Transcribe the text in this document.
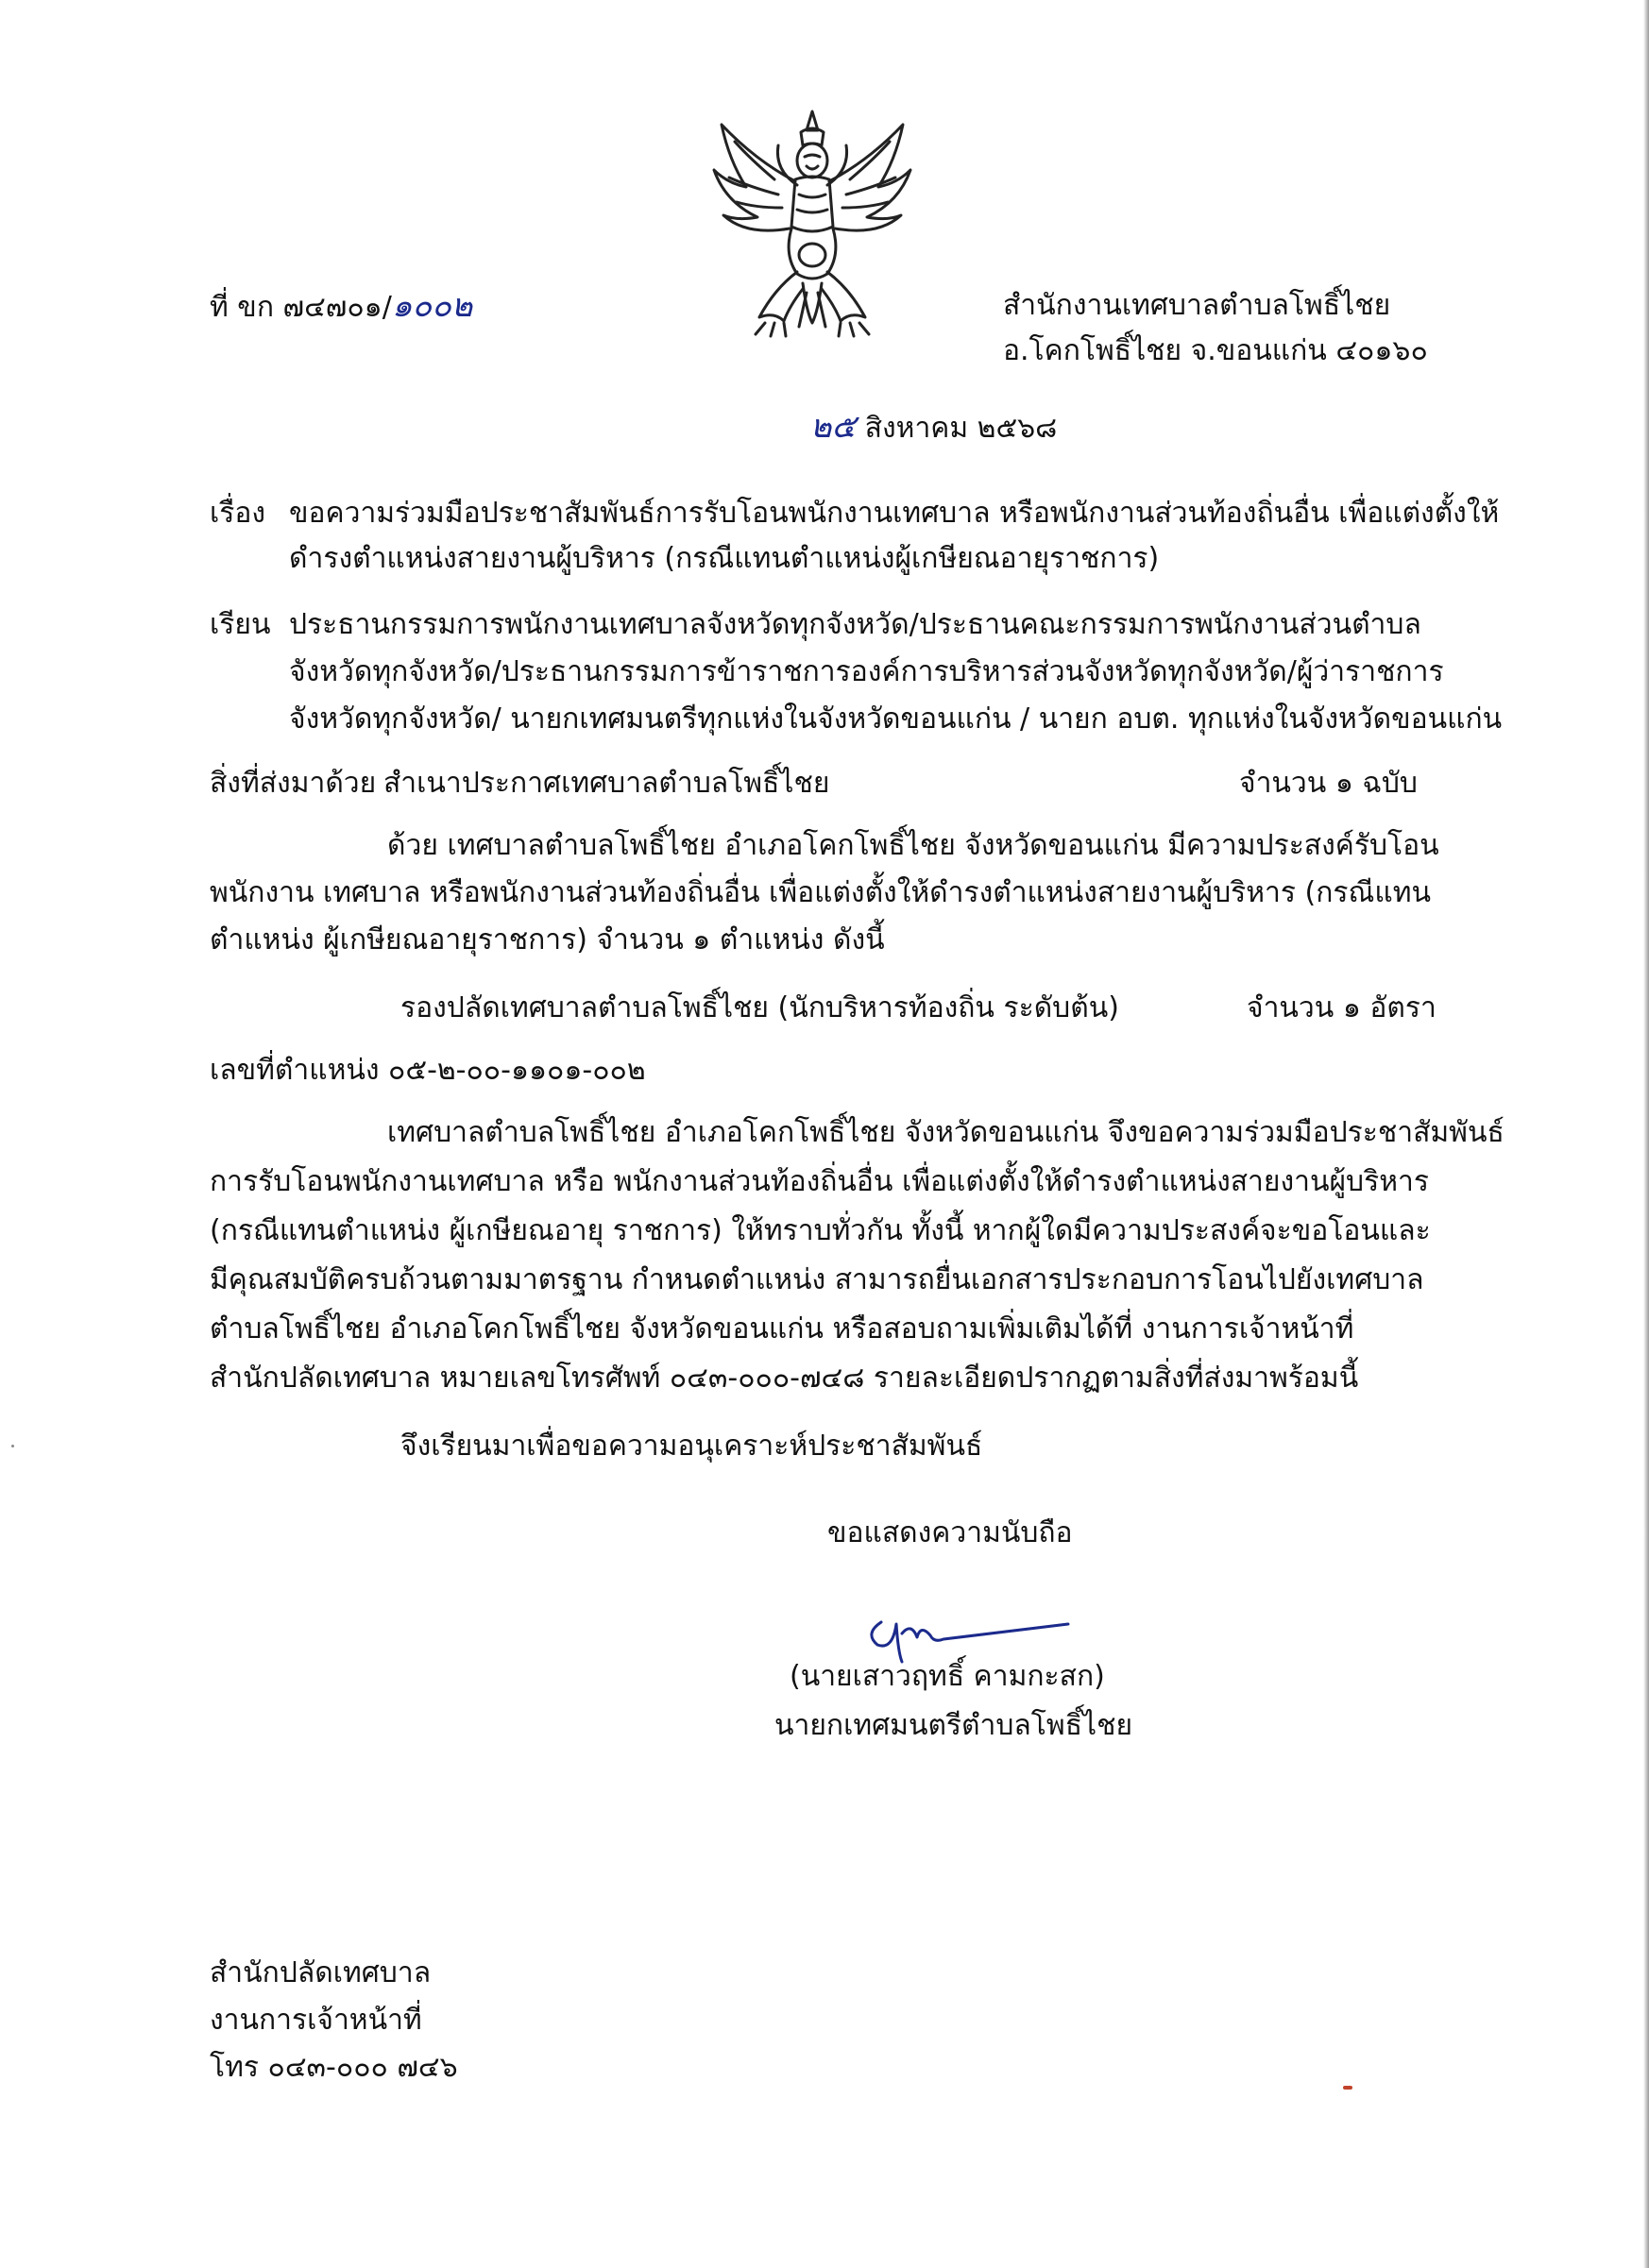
ที่ ขก ๗๔๗๐๑/๑๐๐๒	สำนักงานเทศบาลตำบลโพธิ์ไชย
อ.โคกโพธิ์ไชย จ.ขอนแก่น ๔๐๑๖๐
๒๕ สิงหาคม ๒๕๖๘
เรื่อง ขอความร่วมมือประชาสัมพันธ์การรับโอนพนักงานเทศบาล หรือพนักงานส่วนท้องถิ่นอื่น เพื่อแต่งตั้งให้
ดำรงตำแหน่งสายงานผู้บริหาร (กรณีแทนตำแหน่งผู้เกษียณอายุราชการ)
เรียน ประธานกรรมการพนักงานเทศบาลจังหวัดทุกจังหวัด/ประธานคณะกรรมการพนักงานส่วนตำบล
จังหวัดทุกจังหวัด/ประธานกรรมการข้าราชการองค์การบริหารส่วนจังหวัดทุกจังหวัด/ผู้ว่าราชการ
จังหวัดทุกจังหวัด/ นายกเทศมนตรีทุกแห่งในจังหวัดขอนแก่น / นายก อบต. ทุกแห่งในจังหวัดขอนแก่น
สิ่งที่ส่งมาด้วย สำเนาประกาศเทศบาลตำบลโพธิ์ไชย	จำนวน ๑ ฉบับ
ด้วย เทศบาลตำบลโพธิ์ไชย อำเภอโคกโพธิ์ไชย จังหวัดขอนแก่น มีความประสงค์รับโอน
พนักงาน เทศบาล หรือพนักงานส่วนท้องถิ่นอื่น เพื่อแต่งตั้งให้ดำรงตำแหน่งสายงานผู้บริหาร (กรณีแทน
ตำแหน่ง ผู้เกษียณอายุราชการ) จำนวน ๑ ตำแหน่ง ดังนี้
รองปลัดเทศบาลตำบลโพธิ์ไชย (นักบริหารท้องถิ่น ระดับต้น)	จำนวน ๑ อัตรา
เลขที่ตำแหน่ง ๐๕-๒-๐๐-๑๑๐๑-๐๐๒
เทศบาลตำบลโพธิ์ไชย อำเภอโคกโพธิ์ไชย จังหวัดขอนแก่น จึงขอความร่วมมือประชาสัมพันธ์
การรับโอนพนักงานเทศบาล หรือ พนักงานส่วนท้องถิ่นอื่น เพื่อแต่งตั้งให้ดำรงตำแหน่งสายงานผู้บริหาร
(กรณีแทนตำแหน่ง ผู้เกษียณอายุ ราชการ) ให้ทราบทั่วกัน ทั้งนี้ หากผู้ใดมีความประสงค์จะขอโอนและ
มีคุณสมบัติครบถ้วนตามมาตรฐาน กำหนดตำแหน่ง สามารถยื่นเอกสารประกอบการโอนไปยังเทศบาล
ตำบลโพธิ์ไชย อำเภอโคกโพธิ์ไชย จังหวัดขอนแก่น หรือสอบถามเพิ่มเติมได้ที่ งานการเจ้าหน้าที่
สำนักปลัดเทศบาล หมายเลขโทรศัพท์ ๐๔๓-๐๐๐-๗๔๘ รายละเอียดปรากฏตามสิ่งที่ส่งมาพร้อมนี้
จึงเรียนมาเพื่อขอความอนุเคราะห์ประชาสัมพันธ์
ขอแสดงความนับถือ
(นายเสาวฤทธิ์ คามกะสก)
นายกเทศมนตรีตำบลโพธิ์ไชย
สำนักปลัดเทศบาล
งานการเจ้าหน้าที่
โทร ๐๔๓-๐๐๐ ๗๔๖
